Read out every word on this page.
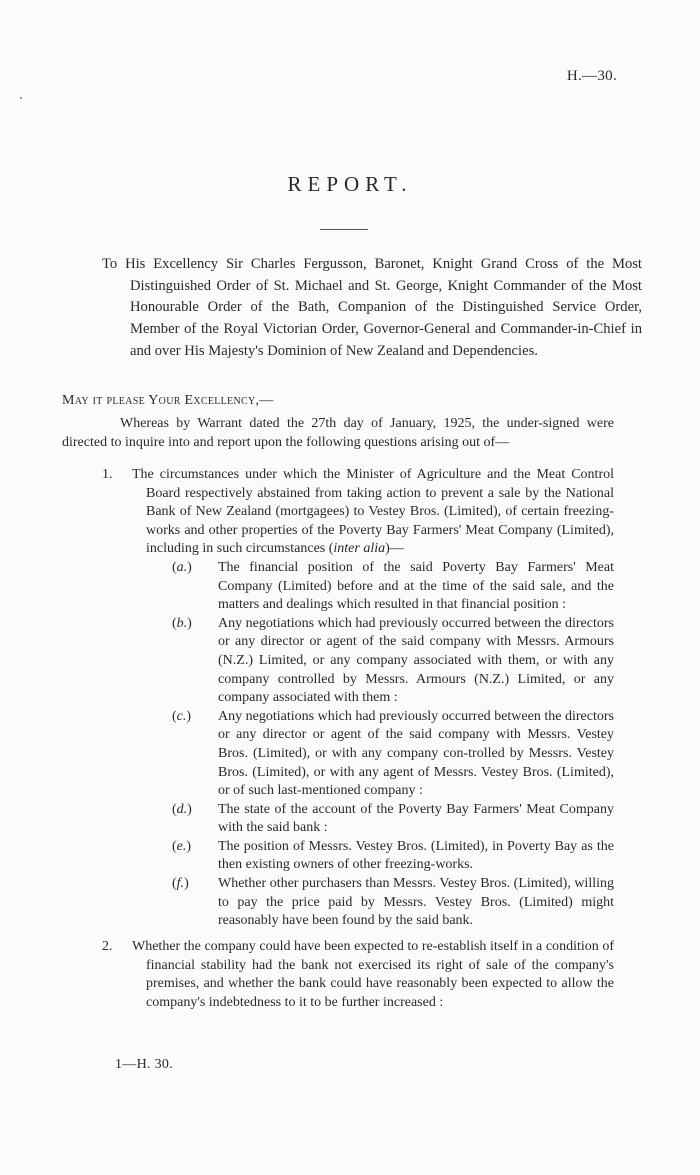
H.—30.
REPORT.
To His Excellency Sir Charles Fergusson, Baronet, Knight Grand Cross of the Most Distinguished Order of St. Michael and St. George, Knight Commander of the Most Honourable Order of the Bath, Companion of the Distinguished Service Order, Member of the Royal Victorian Order, Governor-General and Commander-in-Chief in and over His Majesty's Dominion of New Zealand and Dependencies.
May it please Your Excellency,—
Whereas by Warrant dated the 27th day of January, 1925, the under-signed were directed to inquire into and report upon the following questions arising out of—
1. The circumstances under which the Minister of Agriculture and the Meat Control Board respectively abstained from taking action to prevent a sale by the National Bank of New Zealand (mortgagees) to Vestey Bros. (Limited), of certain freezing-works and other properties of the Poverty Bay Farmers' Meat Company (Limited), including in such circumstances (inter alia)—
(a.) The financial position of the said Poverty Bay Farmers' Meat Company (Limited) before and at the time of the said sale, and the matters and dealings which resulted in that financial position :
(b.) Any negotiations which had previously occurred between the directors or any director or agent of the said company with Messrs. Armours (N.Z.) Limited, or any company associated with them, or with any company controlled by Messrs. Armours (N.Z.) Limited, or any company associated with them :
(c.) Any negotiations which had previously occurred between the directors or any director or agent of the said company with Messrs. Vestey Bros. (Limited), or with any company con-trolled by Messrs. Vestey Bros. (Limited), or with any agent of Messrs. Vestey Bros. (Limited), or of such last-mentioned company :
(d.) The state of the account of the Poverty Bay Farmers' Meat Company with the said bank :
(e.) The position of Messrs. Vestey Bros. (Limited), in Poverty Bay as the then existing owners of other freezing-works.
(f.) Whether other purchasers than Messrs. Vestey Bros. (Limited), willing to pay the price paid by Messrs. Vestey Bros. (Limited) might reasonably have been found by the said bank.
2. Whether the company could have been expected to re-establish itself in a condition of financial stability had the bank not exercised its right of sale of the company's premises, and whether the bank could have reasonably been expected to allow the company's indebtedness to it to be further increased :
1—H. 30.
